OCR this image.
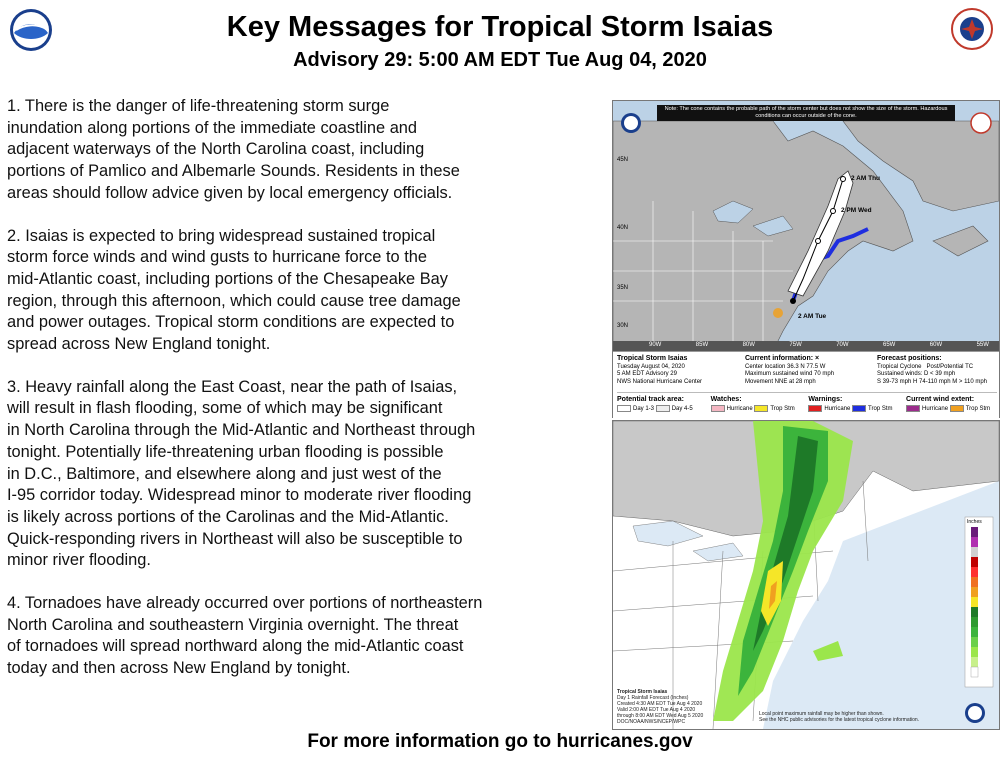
Key Messages for Tropical Storm Isaias
Advisory 29: 5:00 AM EDT Tue Aug 04, 2020

1. There is the danger of life-threatening storm surge

inundation along portions of the immediate coastline and

adjacent waterways of the North Carolina coast, including

portions of Pamlico and Albemarle Sounds. Residents in these

areas should follow advice given by local emergency officials.

2. Isaias is expected to bring widespread sustained tropical

storm force winds and wind gusts to hurricane force to the

mid-Atlantic coast, including portions of the Chesapeake Bay

region, through this afternoon, which could cause tree damage

and power outages. Tropical storm conditions are expected to

spread across New England tonight.

3. Heavy rainfall along the East Coast, near the path of Isaias,

will result in flash flooding, some of which may be significant

in North Carolina through the Mid-Atlantic and Northeast through

tonight. Potentially life-threatening urban flooding is possible

in D.C., Baltimore, and elsewhere along and just west of the

I-95 corridor today. Widespread minor to moderate river flooding

is likely across portions of the Carolinas and the Mid-Atlantic.

Quick-responding rivers in Northeast will also be susceptible to

minor river flooding.

4. Tornadoes have already occurred over portions of northeastern

North Carolina and southeastern Virginia overnight. The threat

of tornadoes will spread northward along the mid-Atlantic coast

today and then across New England by tonight.

Note: The cone contains the probable path of the storm center but does not show the size of the storm. Hazardous conditions can occur outside of the cone.
2 AM Thu
2 PM Wed
2 AM Tue
45N
40N
35N
30N
90W	85W	80W	75W	70W	65W	60W	55W
Tropical Storm Isaias
Tuesday August 04, 2020
5 AM EDT Advisory 29
NWS National Hurricane Center
Current information: ×
Center location 36.3 N 77.5 W
Maximum sustained wind 70 mph
Movement NNE at 28 mph
Forecast positions:
Tropical Cyclone Post/Potential TC
Sustained winds: D < 39 mph
S 39-73 mph H 74-110 mph M > 110 mph
Potential track area:
Day 1-3	Day 4-5 Watches:
Hurricane	Trop Stm Warnings:
Hurricane	Trop Stm Current wind extent:
Hurricane	Trop Stm
Inches
Tropical Storm Isaias
Day 1 Rainfall Forecast (Inches)
Created 4:30 AM EDT Tue Aug 4 2020
Valid 2:00 AM EDT Tue Aug 4 2020
through 8:00 AM EDT Wed Aug 5 2020
DOC/NOAA/NWS/NCEP/WPC
Local point maximum rainfall may be higher than shown.
See the NHC public advisories for the latest tropical cyclone information.
For more information go to hurricanes.gov
